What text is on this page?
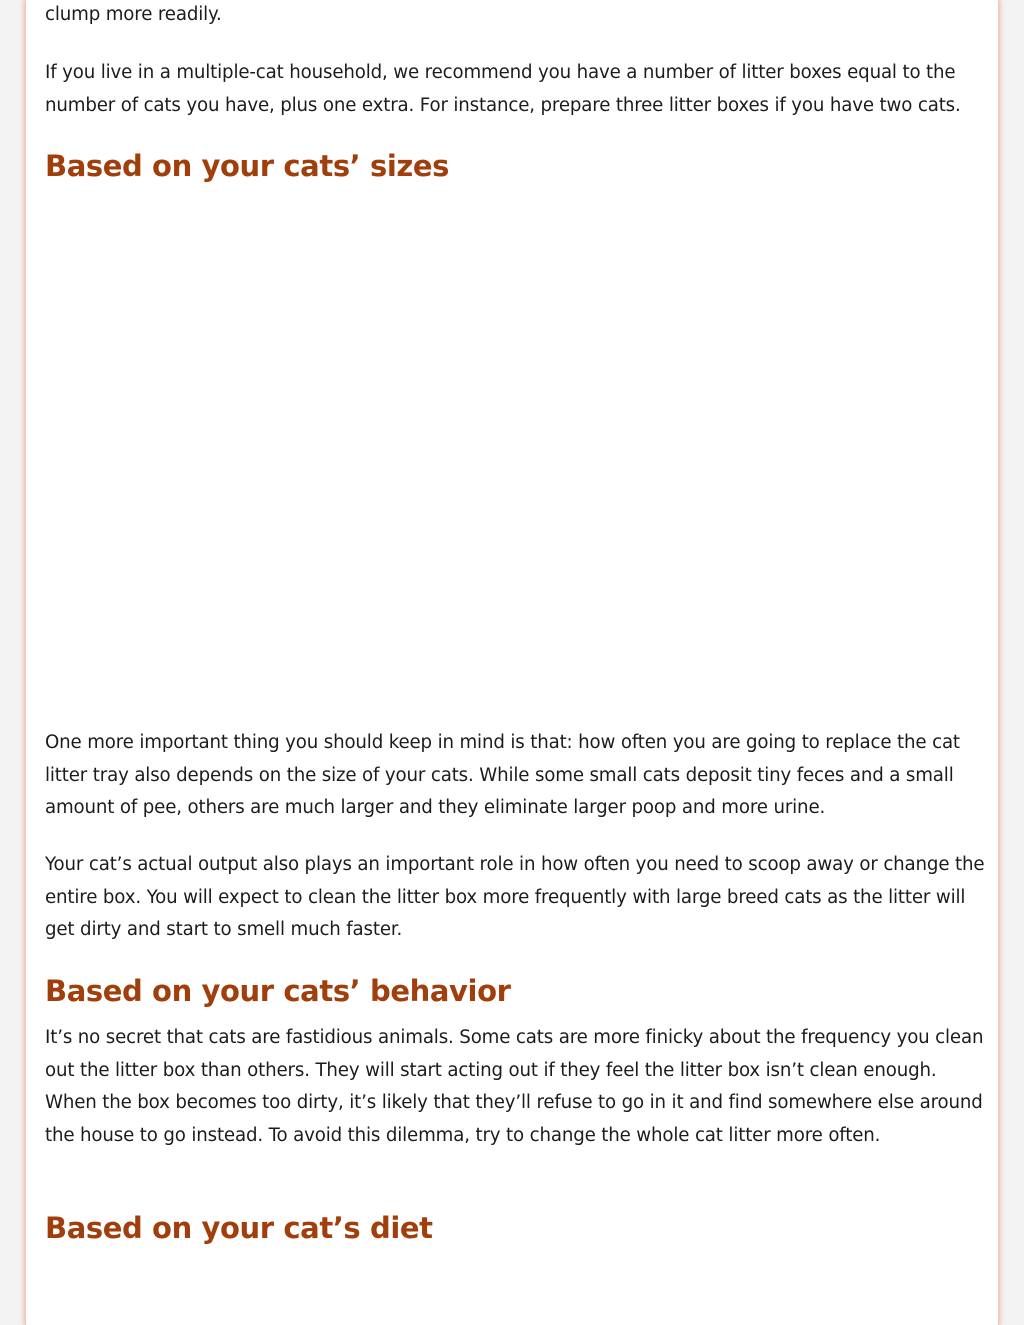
clump more readily.

If you live in a multiple-cat household, we recommend you have a number of litter boxes equal to the number of cats you have, plus one extra. For instance, prepare three litter boxes if you have two cats.

Based on your cats’ sizes

One more important thing you should keep in mind is that: how often you are going to replace the cat litter tray also depends on the size of your cats. While some small cats deposit tiny feces and a small amount of pee, others are much larger and they eliminate larger poop and more urine.

Your cat’s actual output also plays an important role in how often you need to scoop away or change the entire box. You will expect to clean the litter box more frequently with large breed cats as the litter will get dirty and start to smell much faster.

Based on your cats’ behavior

It’s no secret that cats are fastidious animals. Some cats are more finicky about the frequency you clean out the litter box than others. They will start acting out if they feel the litter box isn’t clean enough. When the box becomes too dirty, it’s likely that they’ll refuse to go in it and find somewhere else around the house to go instead. To avoid this dilemma, try to change the whole cat litter more often.

Based on your cat’s diet
